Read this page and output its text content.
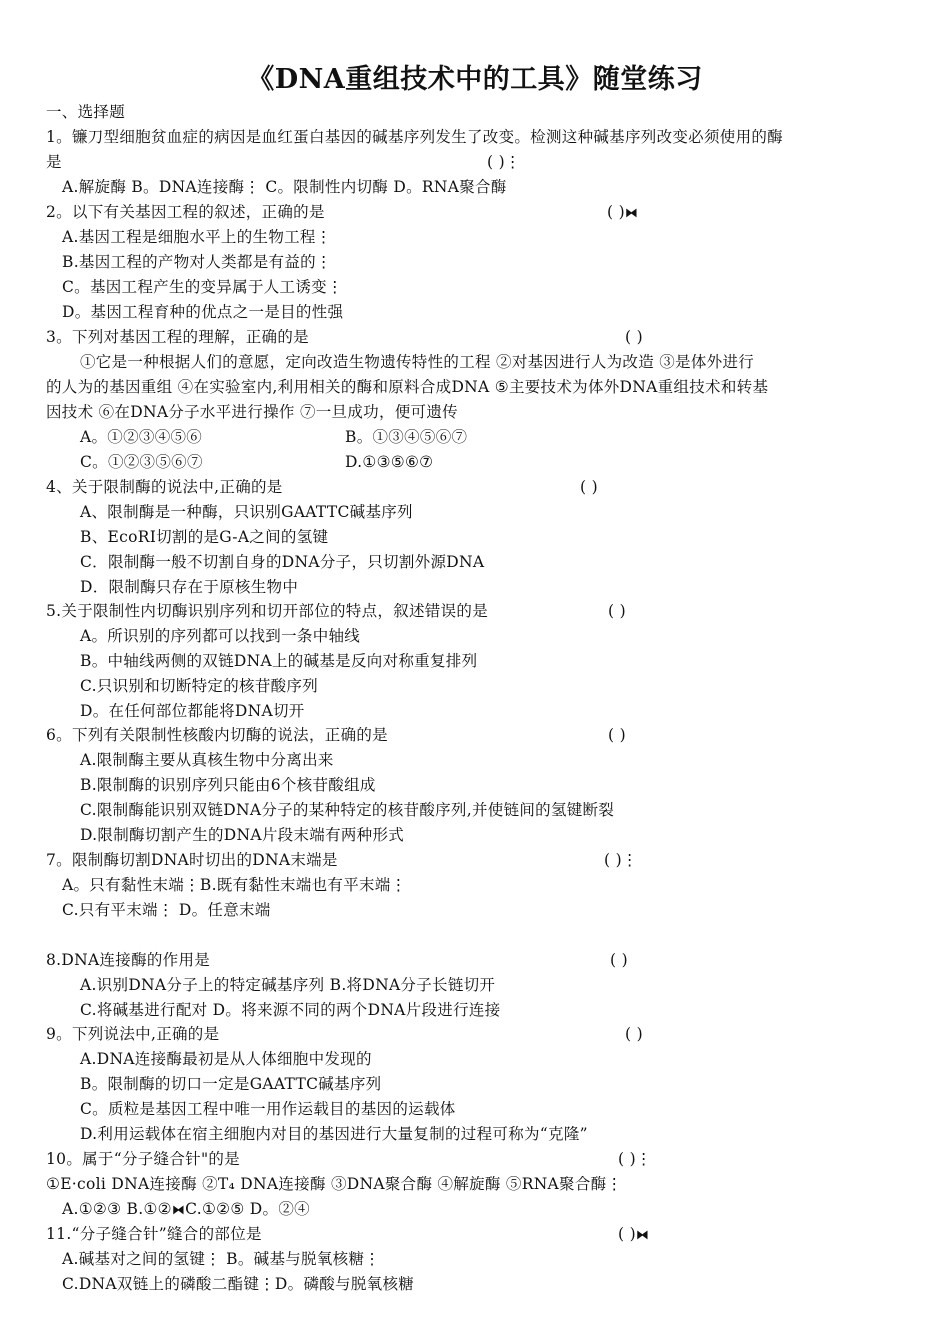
《DNA重组技术中的工具》随堂练习
一、选择题
1。镰刀型细胞贫血症的病因是血红蛋白基因的碱基序列发生了改变。检测这种碱基序列改变必须使用的酶
是	( )⋮
A.解旋酶 B。DNA连接酶⋮ C。限制性内切酶 D。RNA聚合酶
2。以下有关基因工程的叙述，正确的是	( )⧓
A.基因工程是细胞水平上的生物工程⋮
B.基因工程的产物对人类都是有益的⋮
C。基因工程产生的变异属于人工诱变⋮
D。基因工程育种的优点之一是目的性强
3。下列对基因工程的理解，正确的是	( )
①它是一种根据人们的意愿，定向改造生物遗传特性的工程 ②对基因进行人为改造 ③是体外进行
的人为的基因重组 ④在实验室内,利用相关的酶和原料合成DNA ⑤主要技术为体外DNA重组技术和转基
因技术 ⑥在DNA分子水平进行操作 ⑦一旦成功，便可遗传
A。①②③④⑤⑥	B。①③④⑤⑥⑦
C。①②③⑤⑥⑦	D.①③⑤⑥⑦
4、关于限制酶的说法中,正确的是	( )
A、限制酶是一种酶，只识别GAATTC碱基序列
B、EcoRI切割的是G-A之间的氢键
C．限制酶一般不切割自身的DNA分子，只切割外源DNA
D．限制酶只存在于原核生物中
5.关于限制性内切酶识别序列和切开部位的特点，叙述错误的是	( )
A。所识别的序列都可以找到一条中轴线
B。中轴线两侧的双链DNA上的碱基是反向对称重复排列
C.只识别和切断特定的核苷酸序列
D。在任何部位都能将DNA切开
6。下列有关限制性核酸内切酶的说法，正确的是	( )
A.限制酶主要从真核生物中分离出来
B.限制酶的识别序列只能由6个核苷酸组成
C.限制酶能识别双链DNA分子的某种特定的核苷酸序列,并使链间的氢键断裂
D.限制酶切割产生的DNA片段末端有两种形式
7。限制酶切割DNA时切出的DNA末端是	( )⋮
A。只有黏性末端⋮B.既有黏性末端也有平末端⋮
C.只有平末端⋮ D。任意末端
8.DNA连接酶的作用是	( )
A.识别DNA分子上的特定碱基序列 B.将DNA分子长链切开
C.将碱基进行配对 D。将来源不同的两个DNA片段进行连接
9。下列说法中,正确的是	( )
A.DNA连接酶最初是从人体细胞中发现的
B。限制酶的切口一定是GAATTC碱基序列
C。质粒是基因工程中唯一用作运载目的基因的运载体
D.利用运载体在宿主细胞内对目的基因进行大量复制的过程可称为“克隆”
10。属于“分子缝合针"的是	( )⋮
①E·coli DNA连接酶 ②T₄ DNA连接酶 ③DNA聚合酶 ④解旋酶 ⑤RNA聚合酶⋮
A.①②③ B.①②⧓C.①②⑤ D。②④
11.“分子缝合针”缝合的部位是	( )⧓
A.碱基对之间的氢键⋮ B。碱基与脱氧核糖⋮
C.DNA双链上的磷酸二酯键⋮D。磷酸与脱氧核糖
